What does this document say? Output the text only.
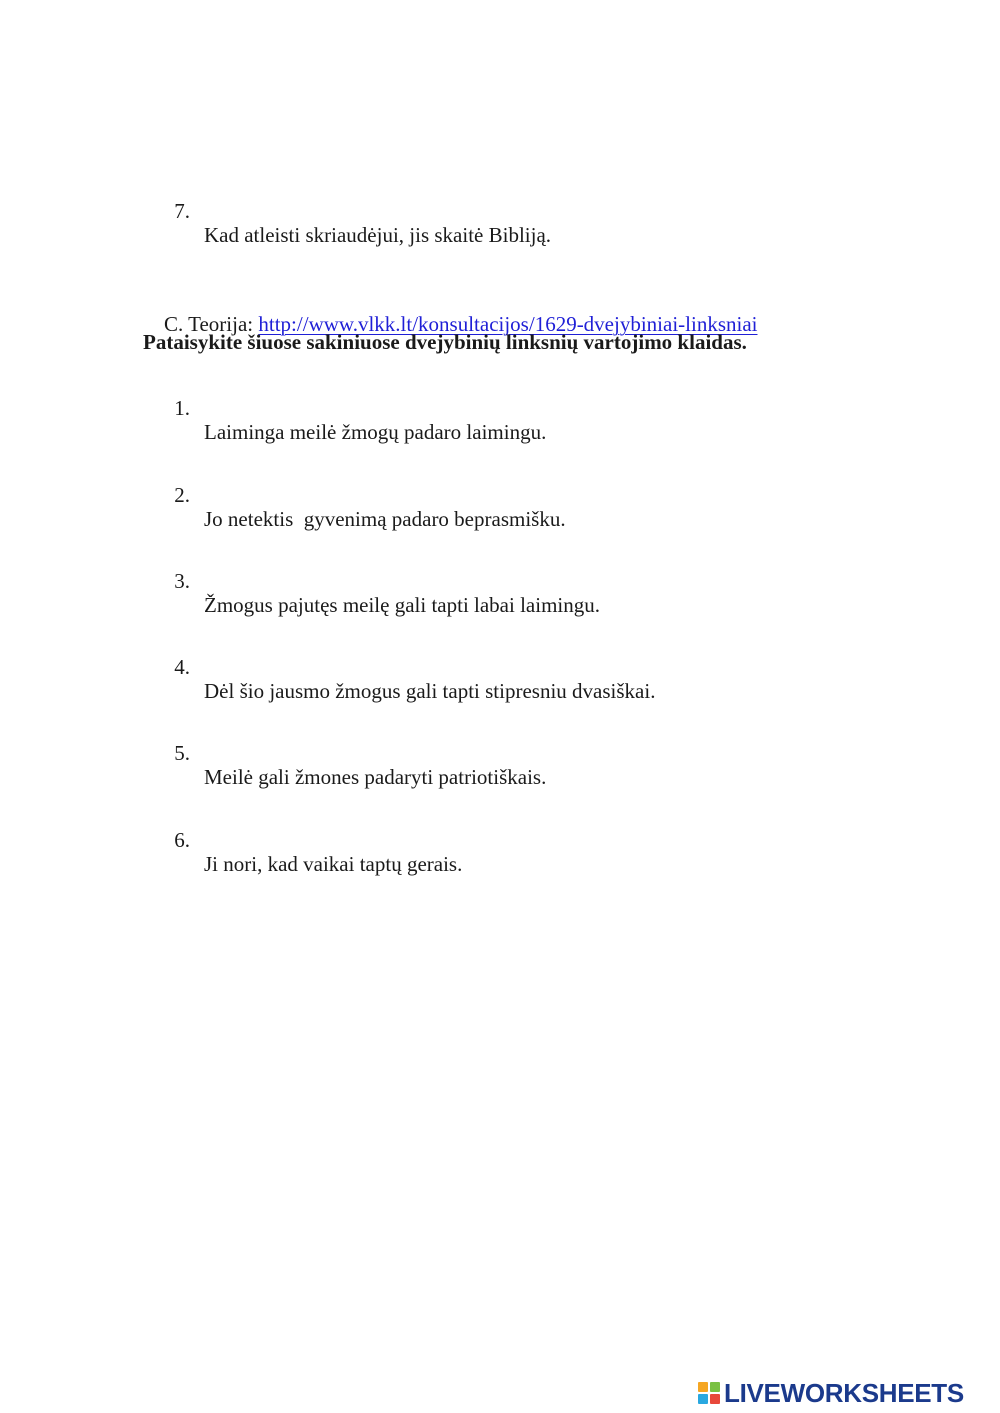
7.

Kad atleisti skriaudėjui, jis skaitė Bibliją.

C. Teorija: http://www.vlkk.lt/konsultacijos/1629-dvejybiniai-linksniai

Pataisykite šiuose sakiniuose dvejybinių linksnių vartojimo klaidas.

1.

Laiminga meilė žmogų padaro laimingu.

2.

Jo netektis  gyvenimą padaro beprasmišku.

3.

Žmogus pajutęs meilę gali tapti labai laimingu.

4.

Dėl šio jausmo žmogus gali tapti stipresniu dvasiškai.

5.

Meilė gali žmones padaryti patriotiškais.

6.

Ji nori, kad vaikai taptų gerais.

LIVEWORKSHEETS
